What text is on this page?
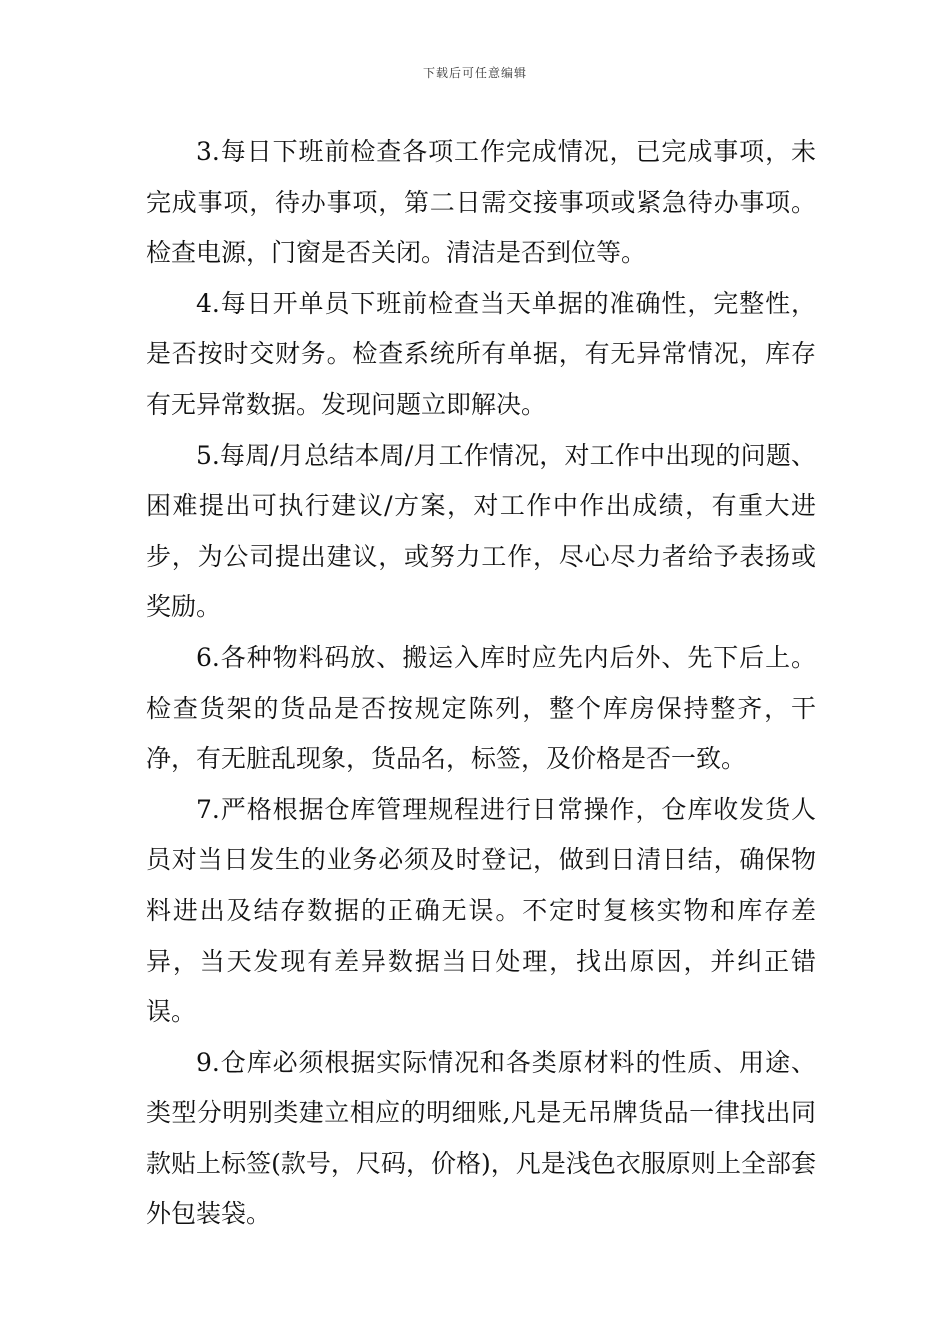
下载后可任意编辑

3.每日下班前检查各项工作完成情况，已完成事项，未完成事项，待办事项，第二日需交接事项或紧急待办事项。检查电源，门窗是否关闭。清洁是否到位等。

4.每日开单员下班前检查当天单据的准确性，完整性，是否按时交财务。检查系统所有单据，有无异常情况，库存有无异常数据。发现问题立即解决。

5.每周/月总结本周/月工作情况，对工作中出现的问题、困难提出可执行建议/方案，对工作中作出成绩，有重大进步，为公司提出建议，或努力工作，尽心尽力者给予表扬或奖励。

6.各种物料码放、搬运入库时应先内后外、先下后上。检查货架的货品是否按规定陈列，整个库房保持整齐，干净，有无脏乱现象，货品名，标签，及价格是否一致。

7.严格根据仓库管理规程进行日常操作，仓库收发货人员对当日发生的业务必须及时登记，做到日清日结，确保物料进出及结存数据的正确无误。不定时复核实物和库存差异，当天发现有差异数据当日处理，找出原因，并纠正错误。

9.仓库必须根据实际情况和各类原材料的性质、用途、类型分明别类建立相应的明细账,凡是无吊牌货品一律找出同款贴上标签(款号，尺码，价格)，凡是浅色衣服原则上全部套外包装袋。
